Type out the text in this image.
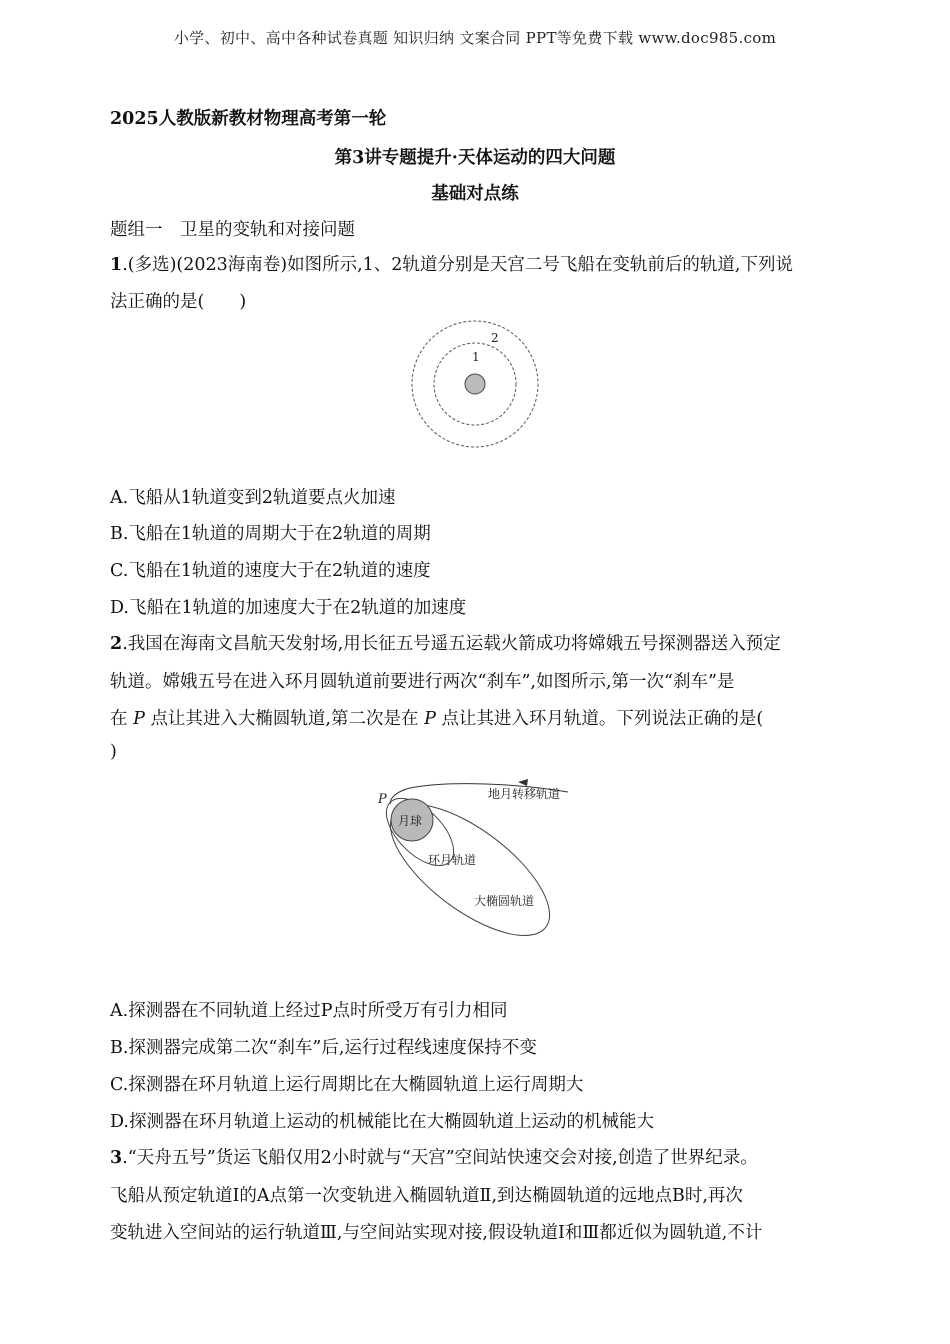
小学、初中、高中各种试卷真题 知识归纳 文案合同 PPT等免费下载 www.doc985.com
2025人教版新教材物理高考第一轮
第3讲专题提升·天体运动的四大问题
基础对点练
题组一　卫星的变轨和对接问题
1.(多选)(2023海南卷)如图所示,1、2轨道分别是天宫二号飞船在变轨前后的轨道,下列说
法正确的是(　　)
1
2
A.飞船从1轨道变到2轨道要点火加速
B.飞船在1轨道的周期大于在2轨道的周期
C.飞船在1轨道的速度大于在2轨道的速度
D.飞船在1轨道的加速度大于在2轨道的加速度
2.我国在海南文昌航天发射场,用长征五号遥五运载火箭成功将嫦娥五号探测器送入预定
轨道。嫦娥五号在进入环月圆轨道前要进行两次“刹车”,如图所示,第一次“刹车”是
在 P 点让其进入大椭圆轨道,第二次是在 P 点让其进入环月轨道。下列说法正确的是(
)
P
月球
地月转移轨道
环月轨道
大椭圆轨道
A.探测器在不同轨道上经过P点时所受万有引力相同
B.探测器完成第二次“刹车”后,运行过程线速度保持不变
C.探测器在环月轨道上运行周期比在大椭圆轨道上运行周期大
D.探测器在环月轨道上运动的机械能比在大椭圆轨道上运动的机械能大
3.“天舟五号”货运飞船仅用2小时就与“天宫”空间站快速交会对接,创造了世界纪录。
飞船从预定轨道Ⅰ的A点第一次变轨进入椭圆轨道Ⅱ,到达椭圆轨道的远地点B时,再次
变轨进入空间站的运行轨道Ⅲ,与空间站实现对接,假设轨道Ⅰ和Ⅲ都近似为圆轨道,不计
